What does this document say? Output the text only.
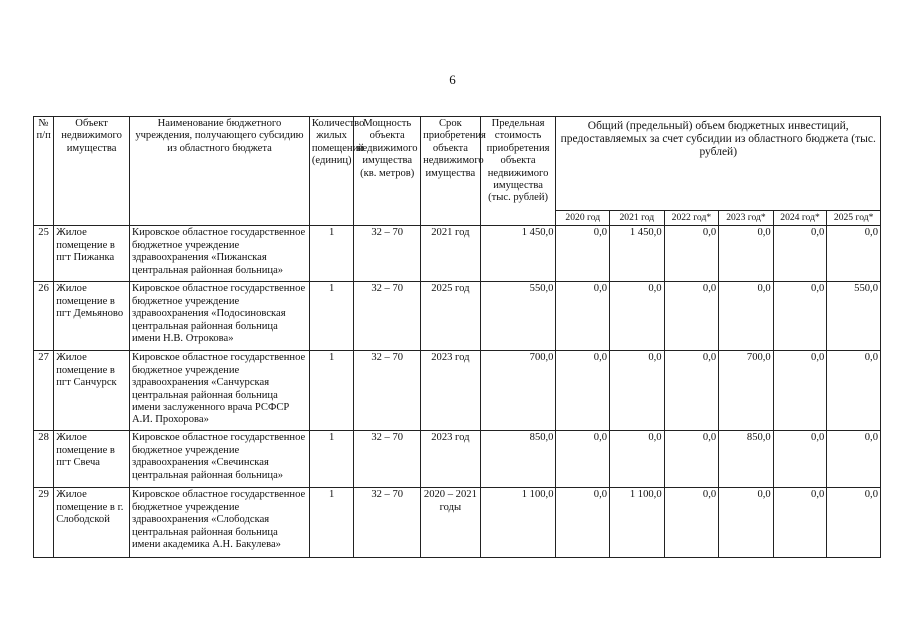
6
№ п/п	Объект недвижимого имущества	Наименование бюджетного учреждения, получающего субсидию из областного бюджета	Количество жилых помещений (единиц)	Мощность объекта недвижимого имущества (кв. метров)	Срок приобретения объекта недвижимого имущества	Предельная стоимость приобретения объекта недвижимого имущества (тыс. рублей)	Общий (предельный) объем бюджетных инвестиций, предоставляемых за счет субсидии из областного бюджета (тыс. рублей)					
							2020 год	2021 год	2022 год*	2023 год*	2024 год*	2025 год*
25	Жилое помещение в пгт Пижанка	Кировское областное государственное бюджетное учреждение здравоохранения «Пижанская центральная районная больница»	1	32 – 70	2021 год	1 450,0	0,0	1 450,0	0,0	0,0	0,0	0,0
26	Жилое помещение в пгт Демьяново	Кировское областное государственное бюджетное учреждение здравоохранения «Подосиновская центральная районная больница имени Н.В. Отрокова»	1	32 – 70	2025 год	550,0	0,0	0,0	0,0	0,0	0,0	550,0
27	Жилое помещение в пгт Санчурск	Кировское областное государственное бюджетное учреждение здравоохранения «Санчурская центральная районная больница имени заслуженного врача РСФСР А.И. Прохорова»	1	32 – 70	2023 год	700,0	0,0	0,0	0,0	700,0	0,0	0,0
28	Жилое помещение в пгт Свеча	Кировское областное государственное бюджетное учреждение здравоохранения «Свечинская центральная районная больница»	1	32 – 70	2023 год	850,0	0,0	0,0	0,0	850,0	0,0	0,0
29	Жилое помещение в г. Слободской	Кировское областное государственное бюджетное учреждение здравоохранения «Слободская центральная районная больница имени академика А.Н. Бакулева»	1	32 – 70	2020 – 2021 годы	1 100,0	0,0	1 100,0	0,0	0,0	0,0	0,0
